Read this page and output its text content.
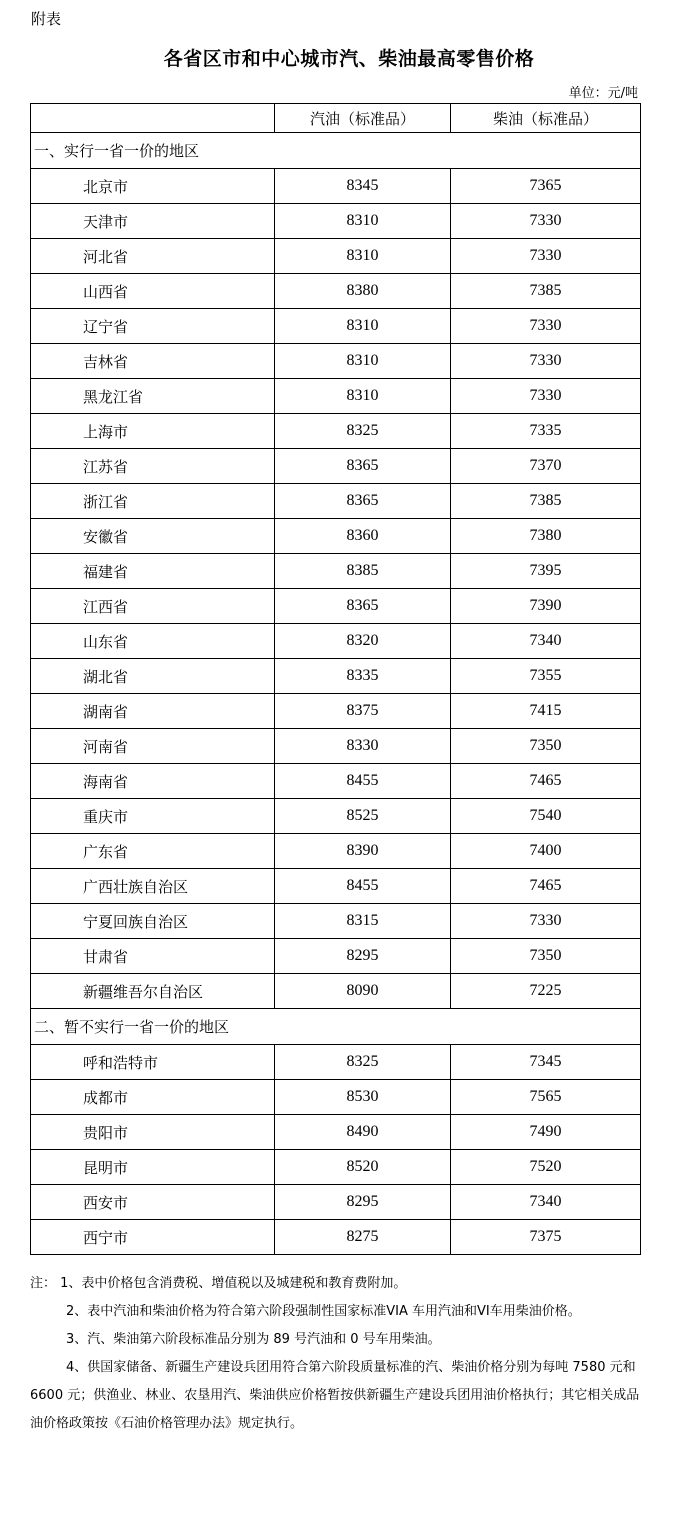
附表
各省区市和中心城市汽、柴油最高零售价格
单位：元/吨
	汽油（标准品）	柴油（标准品）
一、实行一省一价的地区		
北京市	8345	7365
天津市	8310	7330
河北省	8310	7330
山西省	8380	7385
辽宁省	8310	7330
吉林省	8310	7330
黑龙江省	8310	7330
上海市	8325	7335
江苏省	8365	7370
浙江省	8365	7385
安徽省	8360	7380
福建省	8385	7395
江西省	8365	7390
山东省	8320	7340
湖北省	8335	7355
湖南省	8375	7415
河南省	8330	7350
海南省	8455	7465
重庆市	8525	7540
广东省	8390	7400
广西壮族自治区	8455	7465
宁夏回族自治区	8315	7330
甘肃省	8295	7350
新疆维吾尔自治区	8090	7225
二、暂不实行一省一价的地区		
呼和浩特市	8325	7345
成都市	8530	7565
贵阳市	8490	7490
昆明市	8520	7520
西安市	8295	7340
西宁市	8275	7375

注： 1、表中价格包含消费税、增值税以及城建税和教育费附加。

2、表中汽油和柴油价格为符合第六阶段强制性国家标准VIA 车用汽油和VI车用柴油价格。

3、汽、柴油第六阶段标准品分别为 89 号汽油和 0 号车用柴油。

4、供国家储备、新疆生产建设兵团用符合第六阶段质量标准的汽、柴油价格分别为每吨 7580 元和 6600 元；供渔业、林业、农垦用汽、柴油供应价格暂按供新疆生产建设兵团用油价格执行；其它相关成品油价格政策按《石油价格管理办法》规定执行。
